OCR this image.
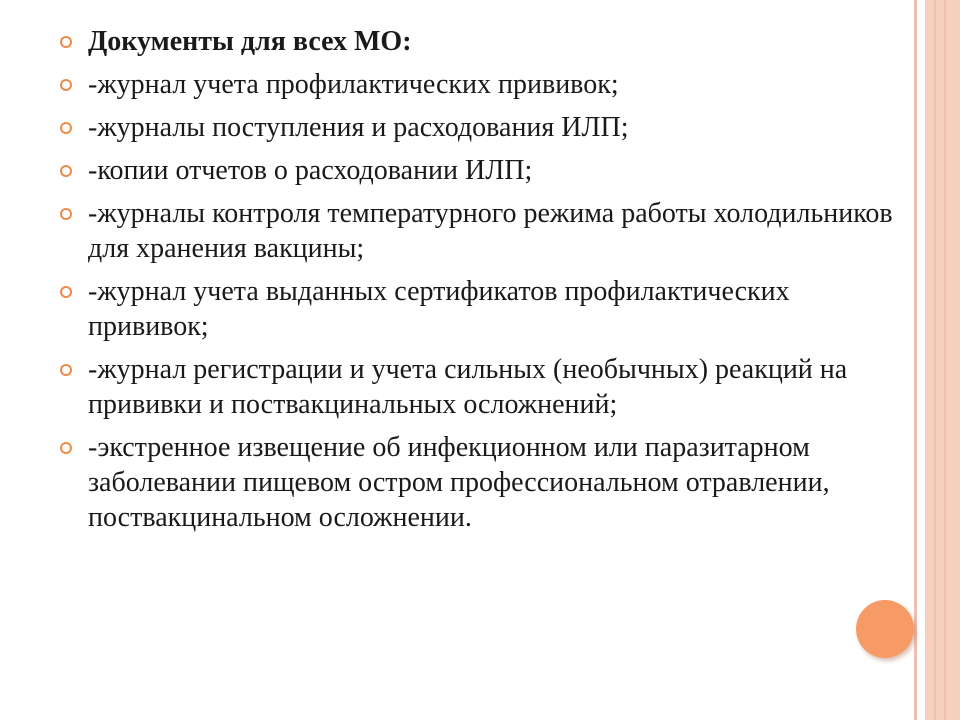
Документы для всех МО:
-журнал учета профилактических прививок;
-журналы поступления и расходования ИЛП;
-копии отчетов о расходовании ИЛП;
-журналы контроля температурного режима работы холодильников для хранения вакцины;
-журнал учета выданных сертификатов профилактических прививок;
-журнал регистрации и учета сильных (необычных) реакций на прививки и поствакцинальных осложнений;
-экстренное извещение об инфекционном или паразитарном заболевании пищевом остром профессиональном отравлении, поствакцинальном осложнении.
